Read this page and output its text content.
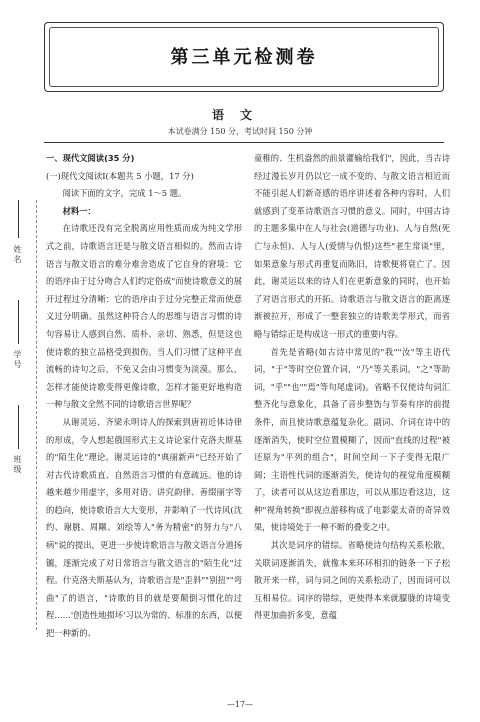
第三单元检测卷
语文
本试卷满分 150 分，考试时间 150 分钟
姓名
学号
班级

一、现代文阅读(35 分)

(一)现代文阅读Ⅰ(本题共 5 小题，17 分)

阅读下面的文字，完成 1～5 题。

材料一：

在诗歌还没有完全脱离应用性质而成为纯文学形式之前，诗歌语言还是与散文语言相似的。然而古诗语言与散文语言的难分难舍造成了它自身的窘境：它的语序由于过分吻合人们约定俗成"而使诗歌意义的展开过程过分清晰：它的语序由于过分完整正常而使意义过分明确。虽然这种符合人的思维与语言习惯的诗句容易让人感到自然、质朴、亲切、熟悉，但是这也使诗歌的独立品格受到损伤。当人们习惯了这种平直流畅的诗句之后，不免又会由习惯变为淡漠。那么，怎样才能使诗歌变得更像诗歌，怎样才能更好地构造一种与散文全然不同的诗歌语言世界呢？

从谢灵运、齐梁永明诗人的探索到唐初近体诗律的形成，令人想起俄国形式主义诗论家什克洛夫斯基的"陌生化"理论。谢灵运诗的"典丽新声"已经开始了对古代诗歌质直、自然语言习惯的有意疏远。他的诗越来越少用虚字，多用对语、讲究韵律、善缀丽字等的趋向，使诗歌语言大大变形，并影响了一代诗风(沈约、谢朓、周颙、刘绘等人"务为精密"的努力与"八病"说的提出，更进一步使诗歌语言与散文语言分道扬镳，逐渐完成了对日常语言与散文语言的"陌生化"过程。什克洛夫斯基认为，诗歌语言是"歪斜""别扭""弯曲"了的语言，"诗歌的目的就是要颠倒习惯化的过程……'创造性地损坏'习以为常的、标准的东西，以便把一种新的、

童稚的、生机盎然的前景灌输给我们"，因此，当古诗经过漫长岁月仍以它一成不变的、与散文语言相近而不能引起人们新奇感的语序讲述着各种内容时，人们就感到了变革诗歌语言习惯的意义。同时，中国古诗的主题多集中在人与社会(道德与功业)、人与自然(死亡与永恒)、人与人(爱情与仇恨)这些"老生常谈"里，如果意象与形式再重复而陈旧，诗歌便将衰亡了。因此，谢灵运以来的诗人们在更新意象的同时，也开始了对语言形式的开拓。诗歌语言与散文语言的距离逐渐被拉开，形成了一整套独立的诗歌美学形式，而省略与错综正是构成这一形式的重要内容。

首先是省略(如古诗中常见的"我""汝"等主语代词，"于"等时空位置介词，"乃"等关系词，"之"等助词，"乎""也""焉"等句尾虚词)。省略不仅使诗句词汇整齐化与意象化，具备了音步整饬与节奏有序的前提条件，而且使诗歌意蕴复杂化。副词、介词在诗中的逐渐消失，使时空位置模糊了，因而"直线的过程"被还原为"平列的组合"，时间空间一下子变得无限广阔；主语性代词的逐渐消失，使诗句的视觉角度模糊了，读者可以从这边看那边，可以从那边看这边，这种"视角转换"即视点游移构成了电影蒙太奇的奇异效果，使诗境处于一种不断的叠变之中。

其次是词序的错综。省略使诗句结构关系松散，关联词逐渐消失，就像本来环环相扣的链条一下子松散开来一样，词与词之间的关系松动了，因而词可以互相易位。词序的错综，更使得本来就朦胧的诗境变得更加曲折多变，意蕴

—17—
